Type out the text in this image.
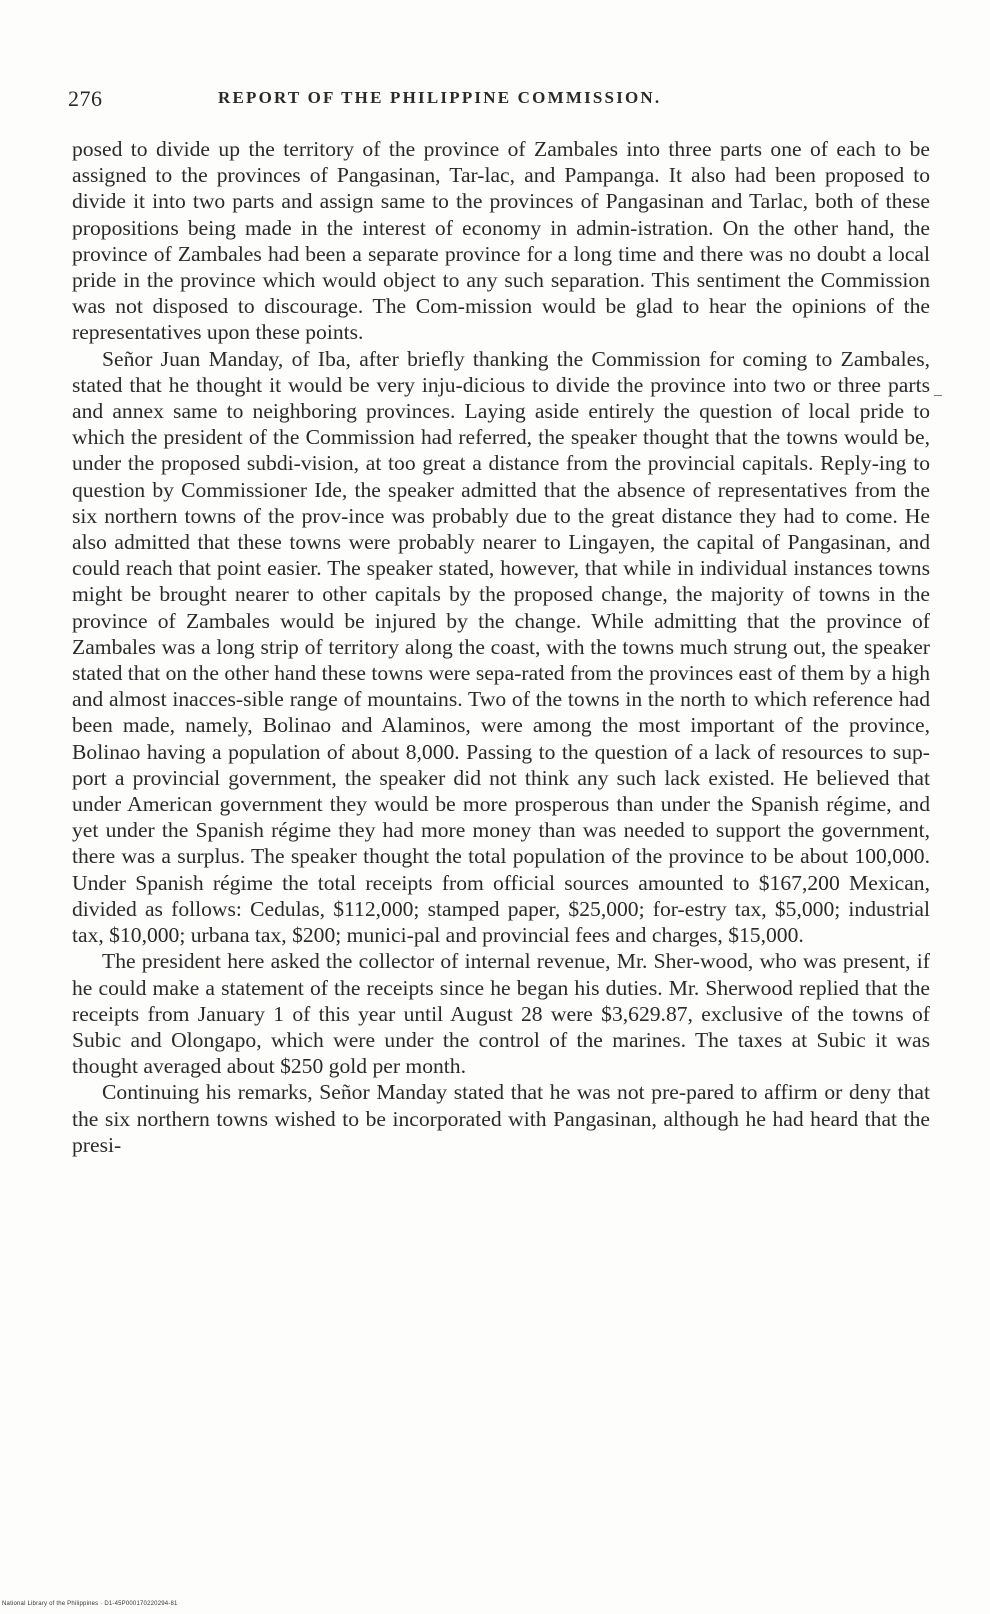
276	REPORT OF THE PHILIPPINE COMMISSION.

posed to divide up the territory of the province of Zambales into three parts one of each to be assigned to the provinces of Pangasinan, Tar-lac, and Pampanga. It also had been proposed to divide it into two parts and assign same to the provinces of Pangasinan and Tarlac, both of these propositions being made in the interest of economy in admin-istration. On the other hand, the province of Zambales had been a separate province for a long time and there was no doubt a local pride in the province which would object to any such separation. This sentiment the Commission was not disposed to discourage. The Com-mission would be glad to hear the opinions of the representatives upon these points.

Señor Juan Manday, of Iba, after briefly thanking the Commission for coming to Zambales, stated that he thought it would be very inju-dicious to divide the province into two or three parts and annex same to neighboring provinces. Laying aside entirely the question of local pride to which the president of the Commission had referred, the speaker thought that the towns would be, under the proposed subdi-vision, at too great a distance from the provincial capitals. Reply-ing to question by Commissioner Ide, the speaker admitted that the absence of representatives from the six northern towns of the prov-ince was probably due to the great distance they had to come. He also admitted that these towns were probably nearer to Lingayen, the capital of Pangasinan, and could reach that point easier. The speaker stated, however, that while in individual instances towns might be brought nearer to other capitals by the proposed change, the majority of towns in the province of Zambales would be injured by the change. While admitting that the province of Zambales was a long strip of territory along the coast, with the towns much strung out, the speaker stated that on the other hand these towns were sepa-rated from the provinces east of them by a high and almost inacces-sible range of mountains. Two of the towns in the north to which reference had been made, namely, Bolinao and Alaminos, were among the most important of the province, Bolinao having a population of about 8,000. Passing to the question of a lack of resources to sup-port a provincial government, the speaker did not think any such lack existed. He believed that under American government they would be more prosperous than under the Spanish régime, and yet under the Spanish régime they had more money than was needed to support the government, there was a surplus. The speaker thought the total population of the province to be about 100,000. Under Spanish régime the total receipts from official sources amounted to $167,200 Mexican, divided as follows: Cedulas, $112,000; stamped paper, $25,000; for-estry tax, $5,000; industrial tax, $10,000; urbana tax, $200; munici-pal and provincial fees and charges, $15,000.

The president here asked the collector of internal revenue, Mr. Sher-wood, who was present, if he could make a statement of the receipts since he began his duties. Mr. Sherwood replied that the receipts from January 1 of this year until August 28 were $3,629.87, exclusive of the towns of Subic and Olongapo, which were under the control of the marines. The taxes at Subic it was thought averaged about $250 gold per month.

Continuing his remarks, Señor Manday stated that he was not pre-pared to affirm or deny that the six northern towns wished to be incorporated with Pangasinan, although he had heard that the presi-

National Library of the Philippines · D1-45P000170220294-81
